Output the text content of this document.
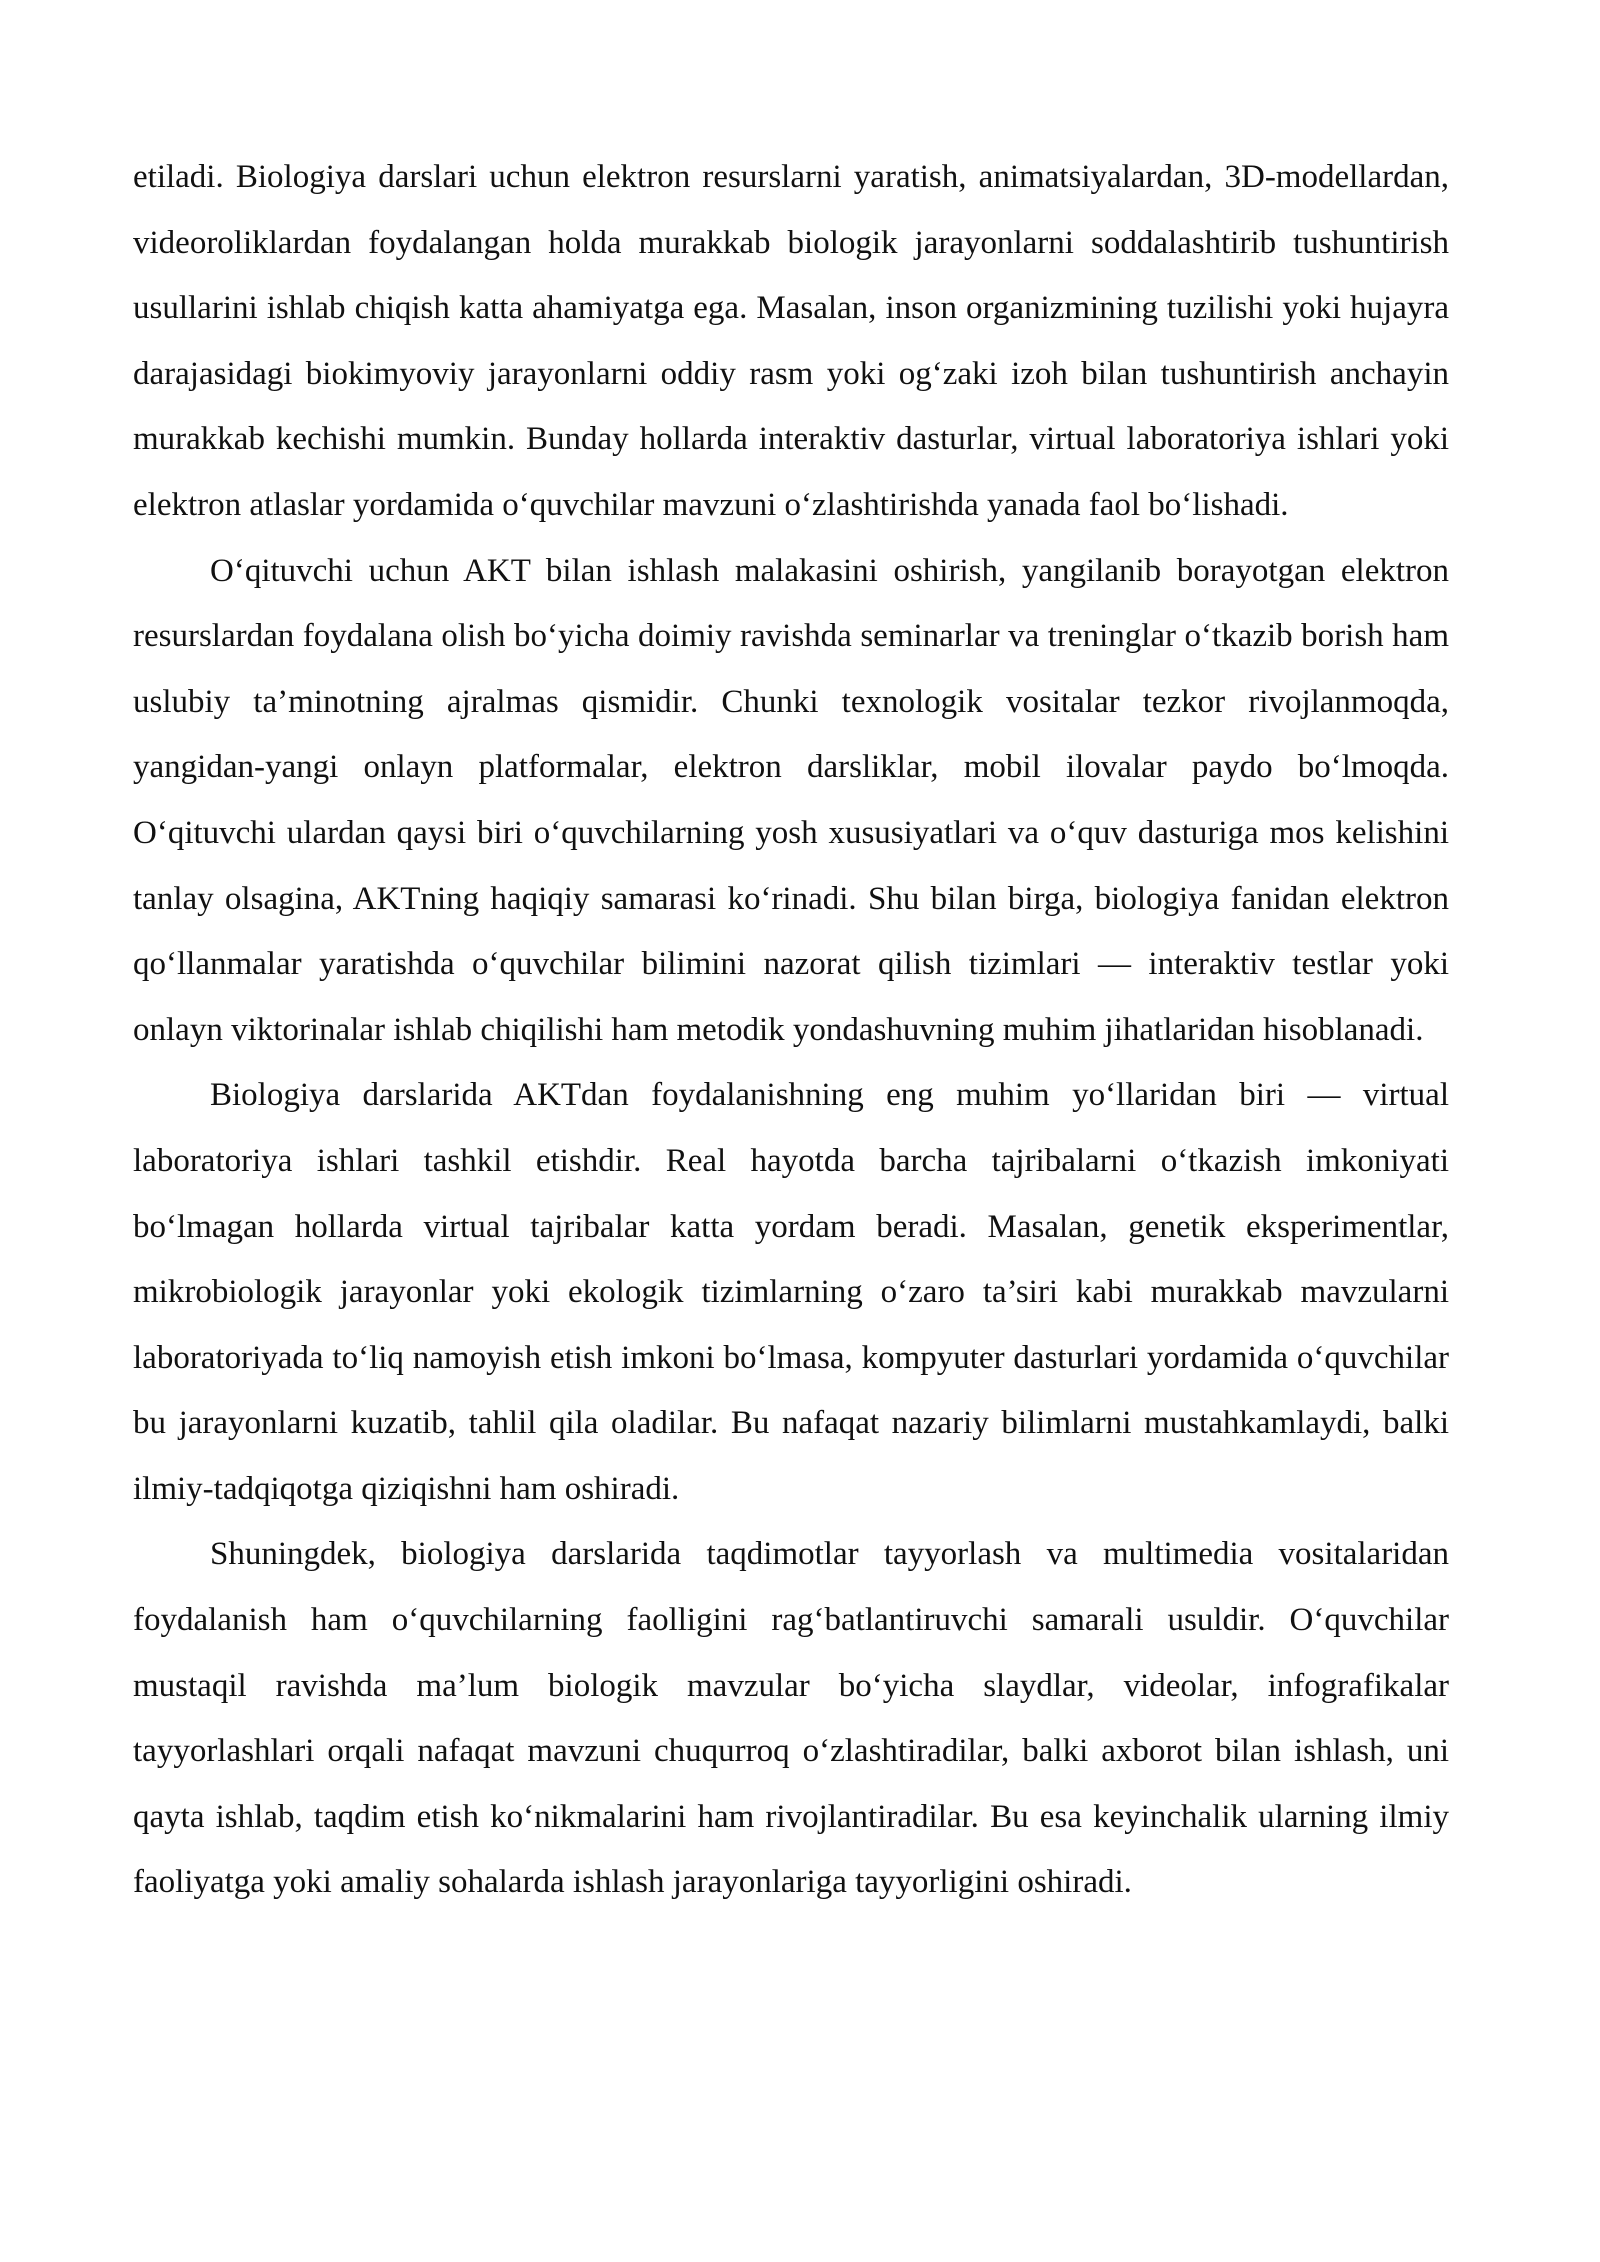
etiladi. Biologiya darslari uchun elektron resurslarni yaratish, animatsiyalardan, 3D-modellardan, videoroliklardan foydalangan holda murakkab biologik jarayonlarni soddalashtirib tushuntirish usullarini ishlab chiqish katta ahamiyatga ega. Masalan, inson organizmining tuzilishi yoki hujayra darajasidagi biokimyoviy jarayonlarni oddiy rasm yoki og‘zaki izoh bilan tushuntirish anchayin murakkab kechishi mumkin. Bunday hollarda interaktiv dasturlar, virtual laboratoriya ishlari yoki elektron atlaslar yordamida o‘quvchilar mavzuni o‘zlashtirishda yanada faol bo‘lishadi.

O‘qituvchi uchun AKT bilan ishlash malakasini oshirish, yangilanib borayotgan elektron resurslardan foydalana olish bo‘yicha doimiy ravishda seminarlar va treninglar o‘tkazib borish ham uslubiy ta’minotning ajralmas qismidir. Chunki texnologik vositalar tezkor rivojlanmoqda, yangidan-yangi onlayn platformalar, elektron darsliklar, mobil ilovalar paydo bo‘lmoqda. O‘qituvchi ulardan qaysi biri o‘quvchilarning yosh xususiyatlari va o‘quv dasturiga mos kelishini tanlay olsagina, AKTning haqiqiy samarasi ko‘rinadi. Shu bilan birga, biologiya fanidan elektron qo‘llanmalar yaratishda o‘quvchilar bilimini nazorat qilish tizimlari — interaktiv testlar yoki onlayn viktorinalar ishlab chiqilishi ham metodik yondashuvning muhim jihatlaridan hisoblanadi.

Biologiya darslarida AKTdan foydalanishning eng muhim yo‘llaridan biri — virtual laboratoriya ishlari tashkil etishdir. Real hayotda barcha tajribalarni o‘tkazish imkoniyati bo‘lmagan hollarda virtual tajribalar katta yordam beradi. Masalan, genetik eksperimentlar, mikrobiologik jarayonlar yoki ekologik tizimlarning o‘zaro ta’siri kabi murakkab mavzularni laboratoriyada to‘liq namoyish etish imkoni bo‘lmasa, kompyuter dasturlari yordamida o‘quvchilar bu jarayonlarni kuzatib, tahlil qila oladilar. Bu nafaqat nazariy bilimlarni mustahkamlaydi, balki ilmiy-tadqiqotga qiziqishni ham oshiradi.

Shuningdek, biologiya darslarida taqdimotlar tayyorlash va multimedia vositalaridan foydalanish ham o‘quvchilarning faolligini rag‘batlantiruvchi samarali usuldir. O‘quvchilar mustaqil ravishda ma’lum biologik mavzular bo‘yicha slaydlar, videolar, infografikalar tayyorlashlari orqali nafaqat mavzuni chuqurroq o‘zlashtiradilar, balki axborot bilan ishlash, uni qayta ishlab, taqdim etish ko‘nikmalarini ham rivojlantiradilar. Bu esa keyinchalik ularning ilmiy faoliyatga yoki amaliy sohalarda ishlash jarayonlariga tayyorligini oshiradi.
